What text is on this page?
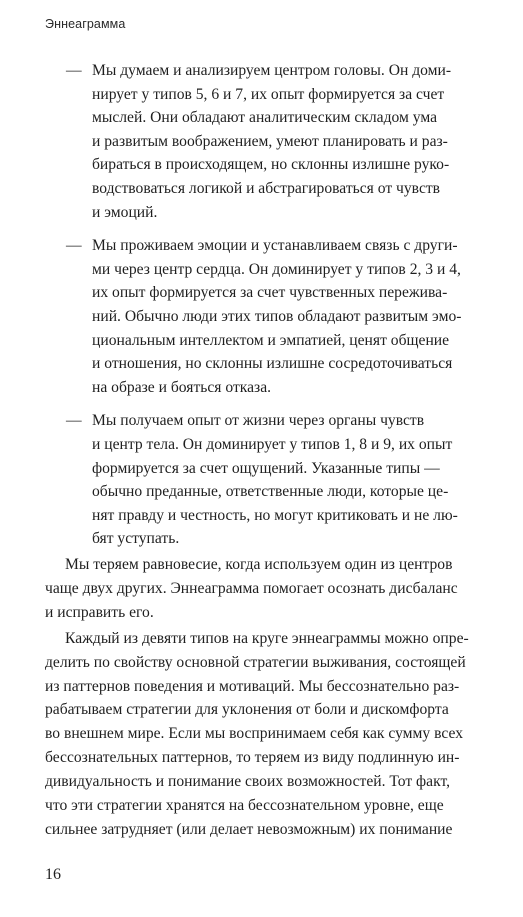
Эннеаграмма
— Мы думаем и анализируем центром головы. Он доми-
нирует у типов 5, 6 и 7, их опыт формируется за счет
мыслей. Они обладают аналитическим складом ума
и развитым воображением, умеют планировать и раз-
бираться в происходящем, но склонны излишне руко-
водствоваться логикой и абстрагироваться от чувств
и эмоций.
— Мы проживаем эмоции и устанавливаем связь с други-
ми через центр сердца. Он доминирует у типов 2, 3 и 4,
их опыт формируется за счет чувственных пережива-
ний. Обычно люди этих типов обладают развитым эмо-
циональным интеллектом и эмпатией, ценят общение
и отношения, но склонны излишне сосредоточиваться
на образе и бояться отказа.
— Мы получаем опыт от жизни через органы чувств
и центр тела. Он доминирует у типов 1, 8 и 9, их опыт
формируется за счет ощущений. Указанные типы —
обычно преданные, ответственные люди, которые це-
нят правду и честность, но могут критиковать и не лю-
бят уступать.

Мы теряем равновесие, когда используем один из центров
чаще двух других. Эннеаграмма помогает осознать дисбаланс
и исправить его.

Каждый из девяти типов на круге эннеаграммы можно опре-
делить по свойству основной стратегии выживания, состоящей
из паттернов поведения и мотиваций. Мы бессознательно раз-
рабатываем стратегии для уклонения от боли и дискомфорта
во внешнем мире. Если мы воспринимаем себя как сумму всех
бессознательных паттернов, то теряем из виду подлинную ин-
дивидуальность и понимание своих возможностей. Тот факт,
что эти стратегии хранятся на бессознательном уровне, еще
сильнее затрудняет (или делает невозможным) их понимание

16
